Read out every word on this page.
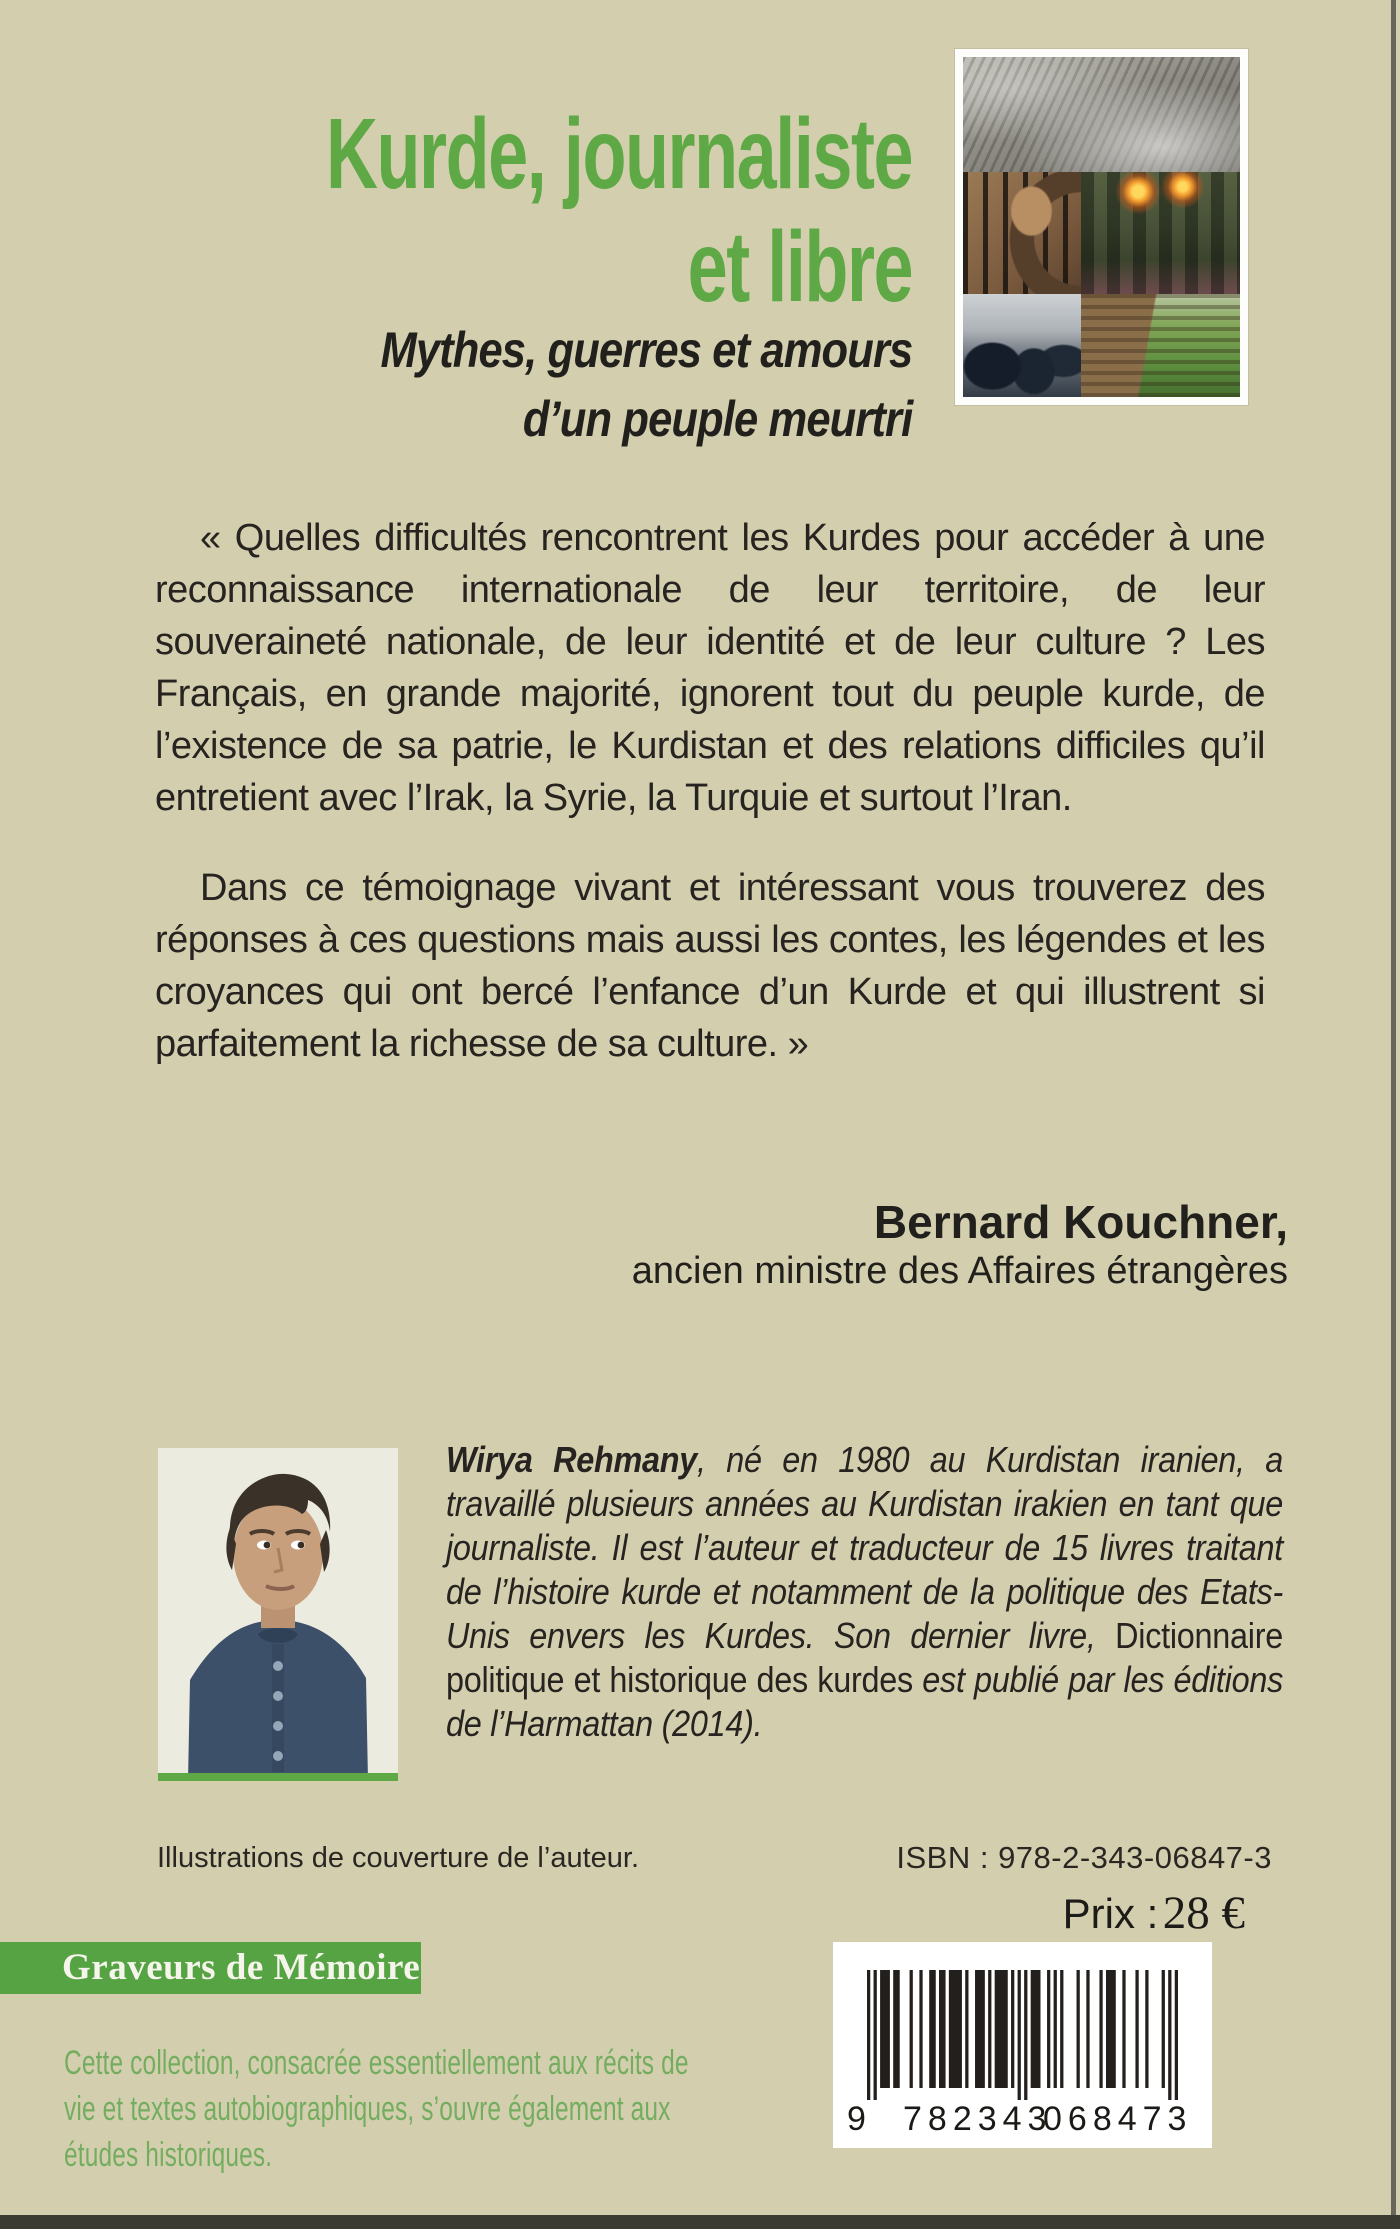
Kurde, journaliste
et libre
Mythes, guerres et amours
d’un peuple meurtri

« Quelles difficultés rencontrent les Kurdes pour accéder à une reconnaissance internationale de leur territoire, de leur souveraineté nationale, de leur identité et de leur culture ? Les Français, en grande majorité, ignorent tout du peuple kurde, de l’existence de sa patrie, le Kurdistan et des relations difficiles qu’il entretient avec l’Irak, la Syrie, la Turquie et surtout l’Iran.

Dans ce témoignage vivant et intéressant vous trouverez des réponses à ces questions mais aussi les contes, les légendes et les croyances qui ont bercé l’enfance d’un Kurde et qui illustrent si parfaitement la richesse de sa culture. »

Bernard Kouchner,
ancien ministre des Affaires étrangères
Wirya Rehmany, né en 1980 au Kurdistan iranien, a travaillé plusieurs années au Kurdistan irakien en tant que journaliste. Il est l’auteur et traducteur de 15 livres traitant de l’histoire kurde et notamment de la politique des Etats-Unis envers les Kurdes. Son dernier livre, Dictionnaire politique et historique des kurdes est publié par les éditions de l’Harmattan (2014).
Illustrations de couverture de l’auteur.	ISBN : 978-2-343-06847-3
Prix : 28 €
Graveurs de Mémoire
Cette collection, consacrée essentiellement aux récits de vie et textes autobiographiques, s’ouvre également aux études historiques.
9 782343
068473
